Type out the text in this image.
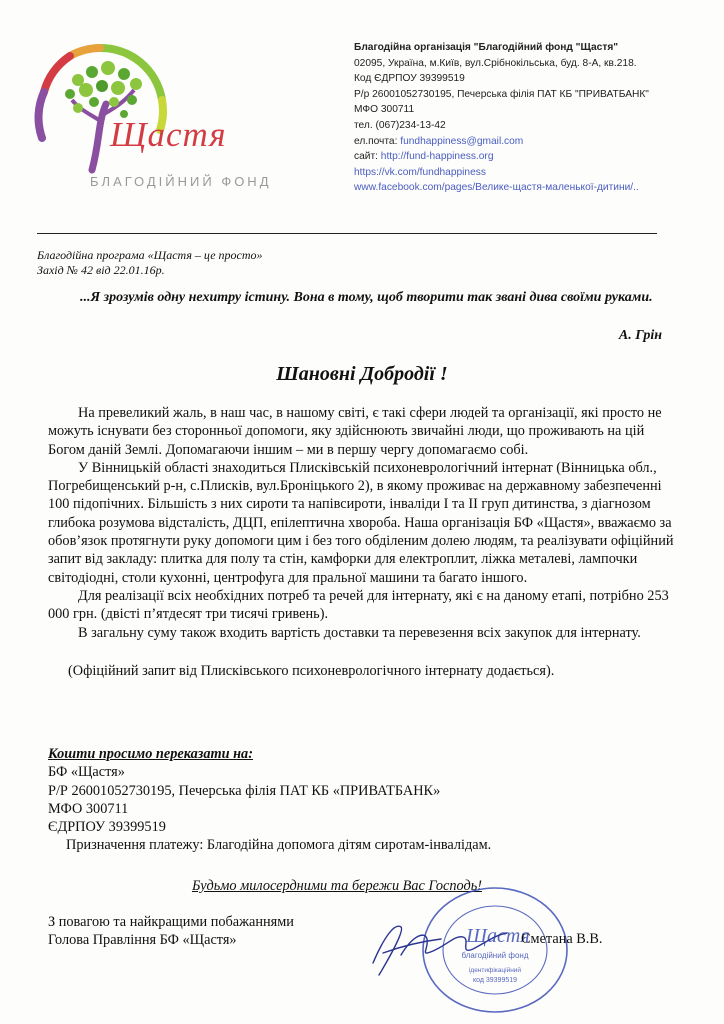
Щастя
БЛАГОДІЙНИЙ ФОНД
Благодійна організація "Благодійний фонд "Щастя"
02095, Україна, м.Київ, вул.Срібнокільська, буд. 8-А, кв.218.
Код ЄДРПОУ 39399519
Р/р 26001052730195, Печерська філія ПАТ КБ "ПРИВАТБАНК"
МФО 300711
тел. (067)234-13-42
ел.почта: fundhappiness@gmail.com
сайт: http://fund-happiness.org
https://vk.com/fundhappiness
www.facebook.com/pages/Велике-щастя-маленької-дитини/..
Благодійна програма «Щастя – це просто»
Захід № 42 від 22.01.16р.
...Я зрозумів одну нехитру істину. Вона в тому, щоб творити так звані дива своїми руками.
А. Грін
Шановні Добродії !

На превеликий жаль, в наш час, в нашому світі, є такі сфери людей та організації, які просто не можуть існувати без сторонньої допомоги, яку здійснюють звичайні люди, що проживають на цій Богом даній Землі. Допомагаючи іншим – ми в першу чергу допомагаємо собі.

У Вінницькій області знаходиться Плисківській психоневрологічний інтернат (Вінницька обл., Погребищенський р-н, с.Плисків, вул.Броніцького 2), в якому проживає на державному забезпеченні 100 підопічних. Більшість з них сироти та напівсироти, інваліди І та ІІ груп дитинства, з діагнозом глибока розумова відсталість, ДЦП, епілептична хвороба. Наша організація БФ «Щастя», вважаємо за обов’язок протягнути руку допомоги цим і без того обділеним долею людям, та реалізувати офіційний запит від закладу: плитка для полу та стін, камфорки для електроплит, ліжка металеві, лампочки світодіодні, столи кухонні, центрофуга для пральної машини та багато іншого.

Для реалізації всіх необхідних потреб та речей для інтернату, які є на даному етапі, потрібно 253 000 грн. (двісті п’ятдесят три тисячі гривень).

В загальну суму також входить вартість доставки та перевезення всіх закупок для інтернату.

(Офіційний запит від Плисківського психоневрологічного інтернату додається).

Кошти просимо переказати на:
БФ «Щастя»
Р/Р 26001052730195, Печерська філія ПАТ КБ «ПРИВАТБАНК»
МФО 300711
ЄДРПОУ 39399519
Призначення платежу: Благодійна допомога дітям сиротам-інвалідам.
Будьмо милосердними та бережи Вас Господь!
З повагою та найкращими побажаннями
Голова Правління БФ «Щастя»	Щастя
благодійний фонд
ідентифікаційний
код 39399519
Сметана В.В.
